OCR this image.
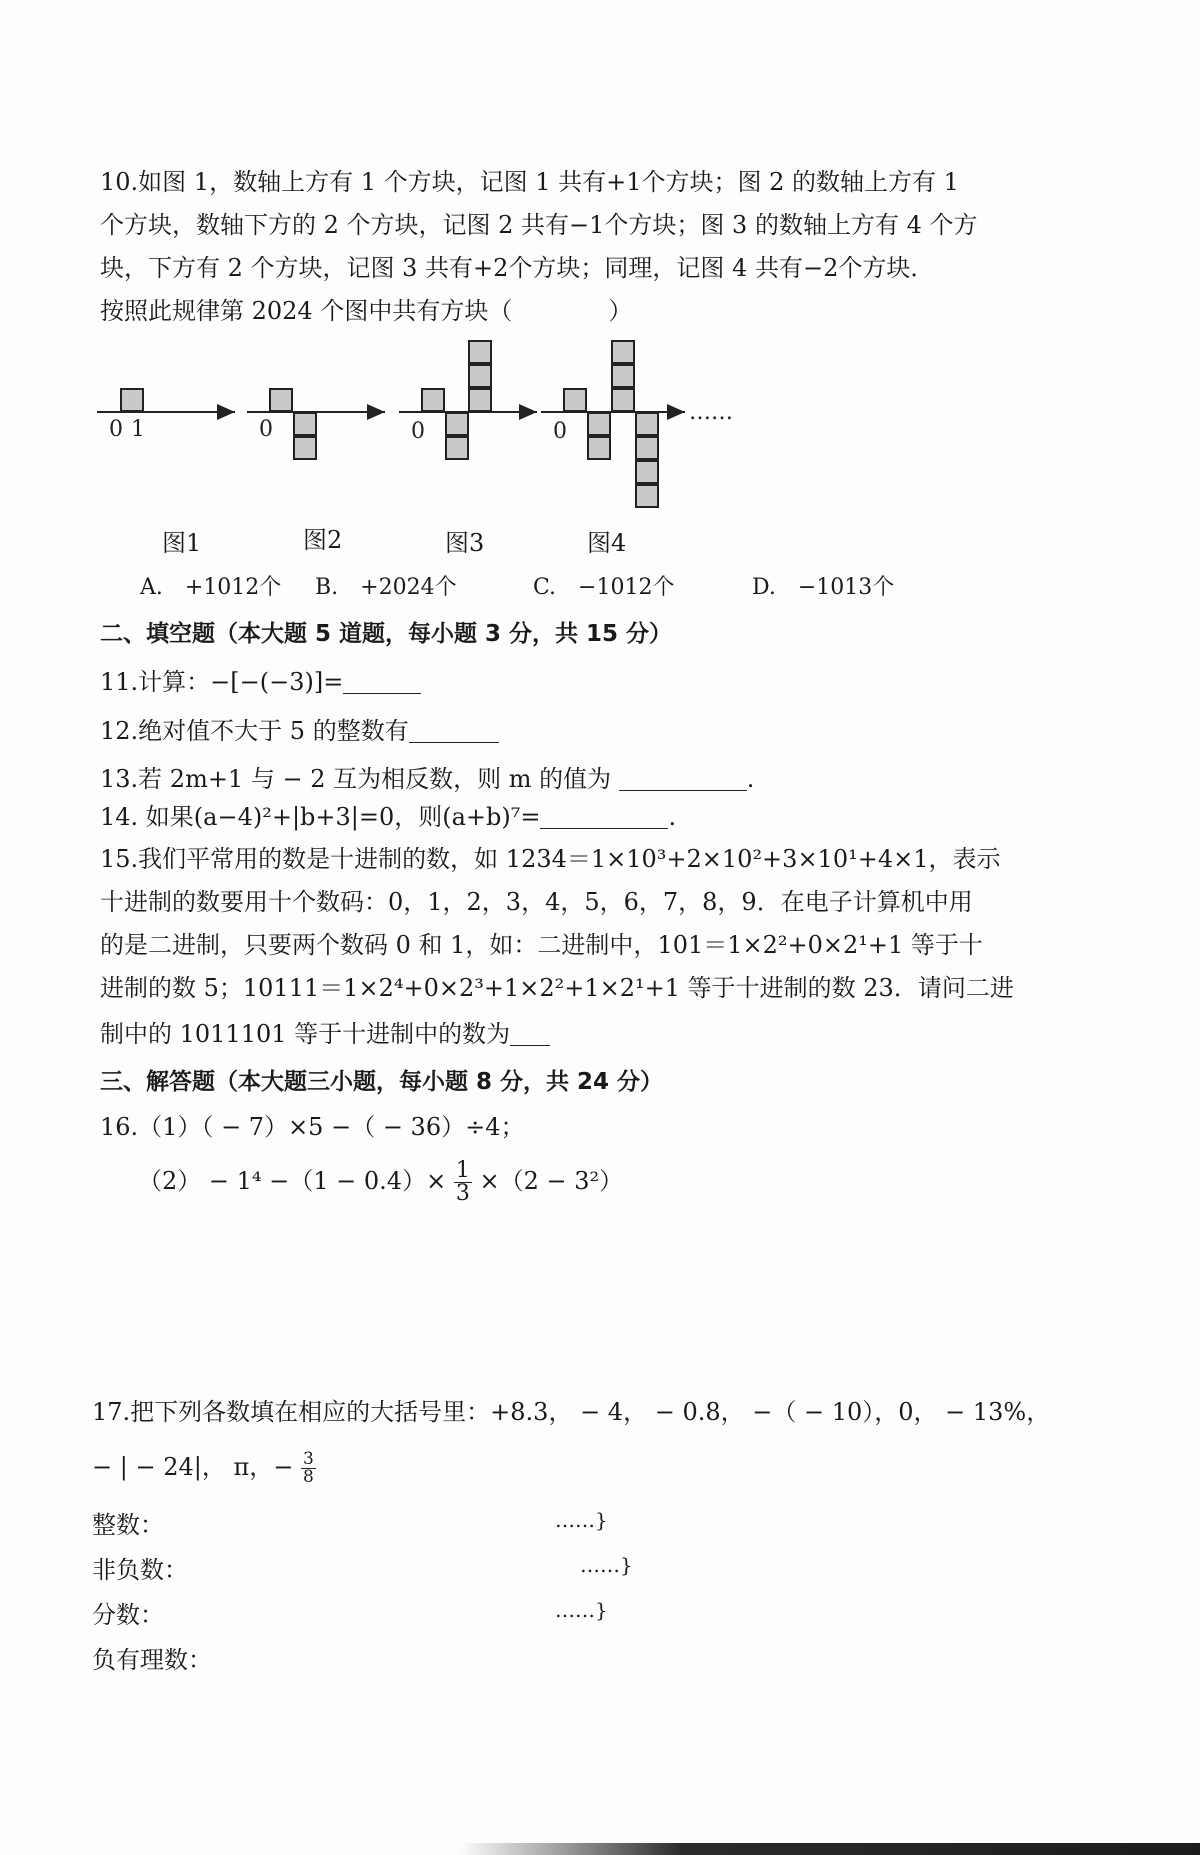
10.如图 1，数轴上方有 1 个方块，记图 1 共有+1个方块；图 2 的数轴上方有 1
个方块，数轴下方的 2 个方块，记图 2 共有−1个方块；图 3 的数轴上方有 4 个方
块，下方有 2 个方块，记图 3 共有+2个方块；同理，记图 4 共有−2个方块．
按照此规律第 2024 个图中共有方块（　　　　）
0 1	0	0	0
……
图1	图2	图3	图4
A.　+1012个 B.　+2024个	C.　−1012个	D.　−1013个
二、填空题（本大题 5 道题，每小题 3 分，共 15 分）
11.计算：−[−(−3)]=
12.绝对值不大于 5 的整数有
13.若 2m+1 与 − 2 互为相反数，则 m 的值为	.
14. 如果(a−4)²+|b+3|=0，则(a+b)⁷=	.
15.我们平常用的数是十进制的数，如 1234＝1×10³+2×10²+3×10¹+4×1，表示
十进制的数要用十个数码：0，1，2，3，4，5，6，7，8，9．在电子计算机中用
的是二进制，只要两个数码 0 和 1，如：二进制中，101＝1×2²+0×2¹+1 等于十
进制的数 5；10111＝1×2⁴+0×2³+1×2²+1×2¹+1 等于十进制的数 23．请问二进
制中的 1011101 等于十进制中的数为
三、解答题（本大题三小题，每小题 8 分，共 24 分）
16.（1）（ − 7）×5 −（ − 36）÷4；
$(2) - 1^4 -(1 - 0.4)\times \frac{1}{3} \times(2 - 3^2)$
17.把下列各数填在相应的大括号里：+8.3， − 4， − 0.8， −（ − 10），0， − 13%，
− | − 24|， π，− $\frac{3}{8}$
整数：	……}
非负数：	……}
分数：	……}
负有理数：
